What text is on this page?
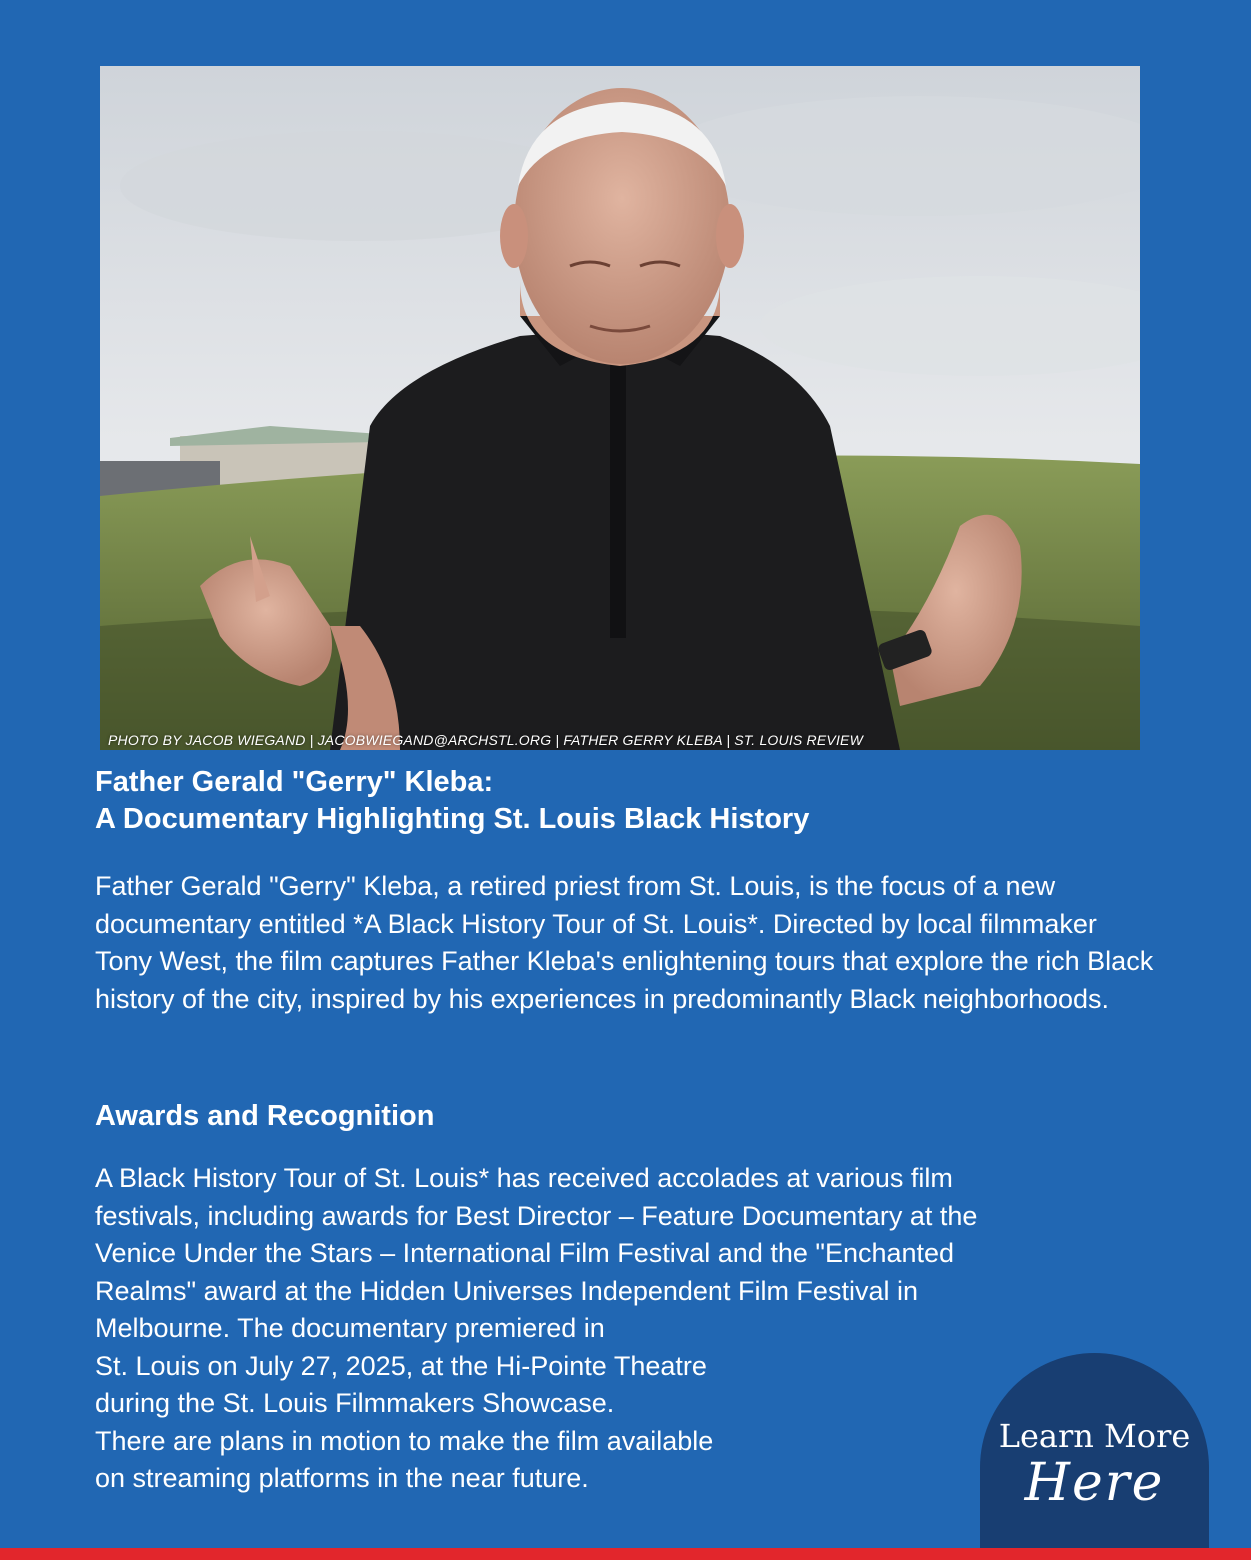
PHOTO BY JACOB WIEGAND | JACOBWIEGAND@ARCHSTL.ORG | FATHER GERRY KLEBA | ST. LOUIS REVIEW
Father Gerald "Gerry" Kleba:
A Documentary Highlighting St. Louis Black History

Father Gerald "Gerry" Kleba, a retired priest from St. Louis, is the focus of a new documentary entitled *A Black History Tour of St. Louis*. Directed by local filmmaker Tony West, the film captures Father Kleba's enlightening tours that explore the rich Black history of the city, inspired by his experiences in predominantly Black neighborhoods.

Awards and Recognition

A Black History Tour of St. Louis* has received accolades at various film
festivals, including awards for Best Director – Feature Documentary at the
Venice Under the Stars – International Film Festival and the "Enchanted
Realms" award at the Hidden Universes Independent Film Festival in
Melbourne. The documentary premiered in
St. Louis on July 27, 2025, at the Hi-Pointe Theatre
during the St. Louis Filmmakers Showcase.
There are plans in motion to make the film available
on streaming platforms in the near future.

Learn More
Here
